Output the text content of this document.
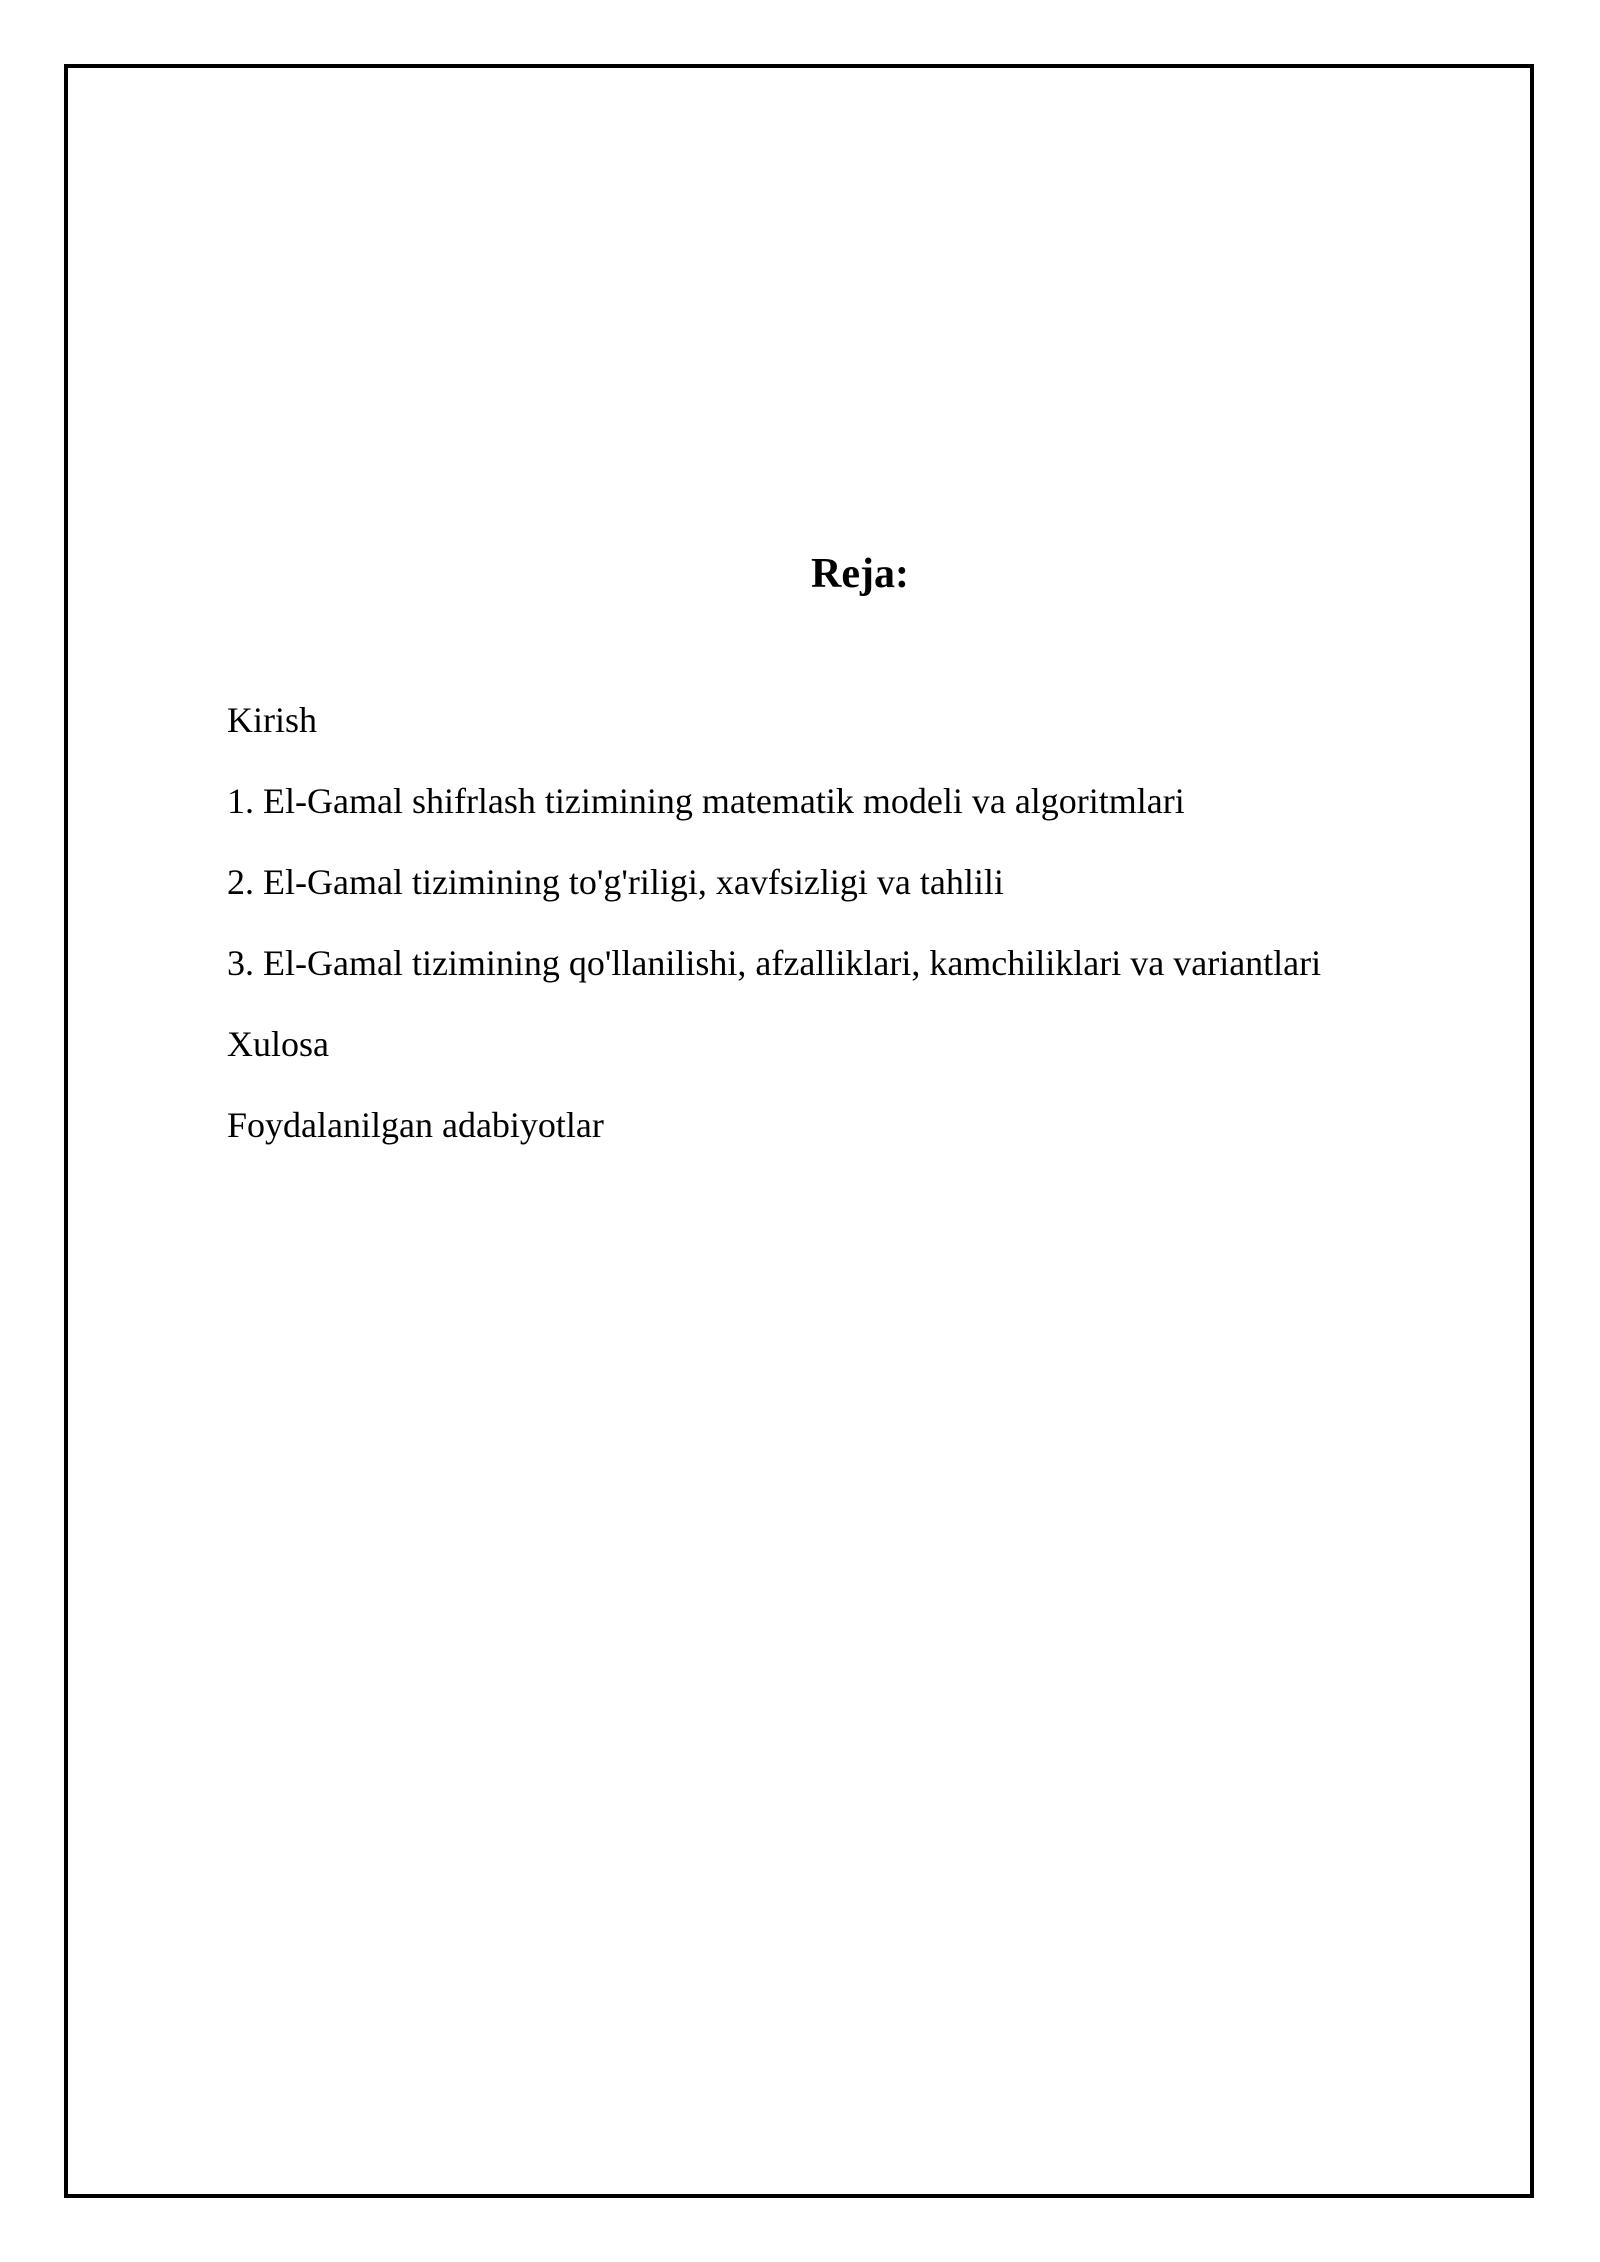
Reja:
Kirish
1. El-Gamal shifrlash tizimining matematik modeli va algoritmlari
2. El-Gamal tizimining to'g'riligi, xavfsizligi va tahlili
3. El-Gamal tizimining qo'llanilishi, afzalliklari, kamchiliklari va variantlari
Xulosa
Foydalanilgan adabiyotlar
